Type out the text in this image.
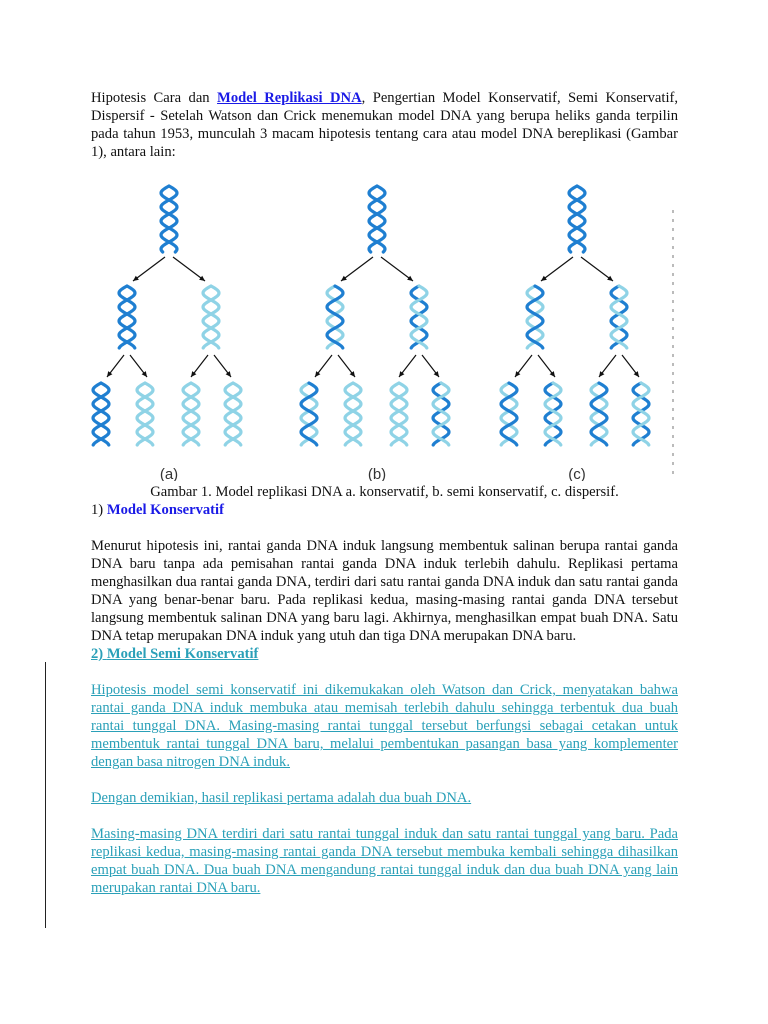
Hipotesis Cara dan Model Replikasi DNA, Pengertian Model Konservatif, Semi Konservatif, Dispersif - Setelah Watson dan Crick menemukan model DNA yang berupa heliks ganda terpilin pada tahun 1953, munculah 3 macam hipotesis tentang cara atau model DNA bereplikasi (Gambar 1), antara lain:

(a)	(b)	(c)
Gambar 1. Model replikasi DNA a. konservatif, b. semi konservatif, c. dispersif.

1) Model Konservatif

Menurut hipotesis ini, rantai ganda DNA induk langsung membentuk salinan berupa rantai ganda DNA baru tanpa ada pemisahan rantai ganda DNA induk terlebih dahulu. Replikasi pertama menghasilkan dua rantai ganda DNA, terdiri dari satu rantai ganda DNA induk dan satu rantai ganda DNA yang benar-benar baru. Pada replikasi kedua, masing-masing rantai ganda DNA tersebut langsung membentuk salinan DNA yang baru lagi. Akhirnya, menghasilkan empat buah DNA. Satu DNA tetap merupakan DNA induk yang utuh dan tiga DNA merupakan DNA baru.

2) Model Semi Konservatif

Hipotesis model semi konservatif ini dikemukakan oleh Watson dan Crick, menyatakan bahwa rantai ganda DNA induk membuka atau memisah terlebih dahulu sehingga terbentuk dua buah rantai tunggal DNA. Masing-masing rantai tunggal tersebut berfungsi sebagai cetakan untuk membentuk rantai tunggal DNA baru, melalui pembentukan pasangan basa yang komplementer dengan basa nitrogen DNA induk.

Dengan demikian, hasil replikasi pertama adalah dua buah DNA.

Masing-masing DNA terdiri dari satu rantai tunggal induk dan satu rantai tunggal yang baru. Pada replikasi kedua, masing-masing rantai ganda DNA tersebut membuka kembali sehingga dihasilkan empat buah DNA. Dua buah DNA mengandung rantai tunggal induk dan dua buah DNA yang lain merupakan rantai DNA baru.
